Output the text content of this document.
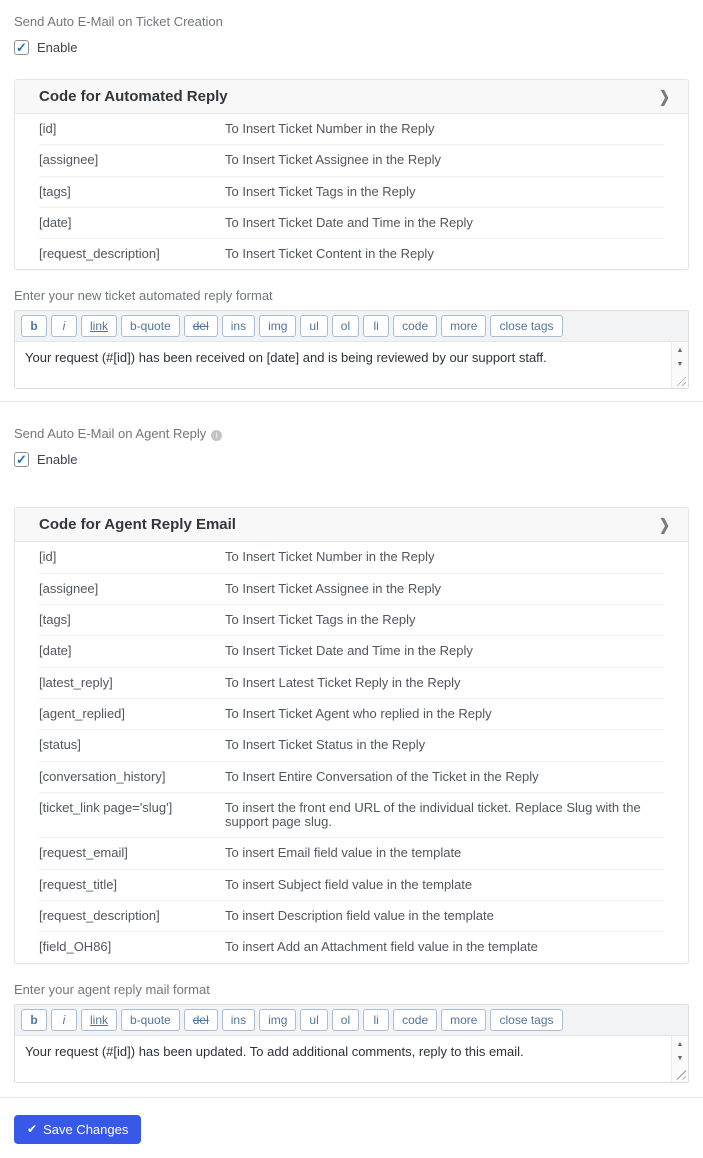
Send Auto E-Mail on Ticket Creation
✓ Enable
Code for Automated Reply	❯
[id]	To Insert Ticket Number in the Reply
[assignee]	To Insert Ticket Assignee in the Reply
[tags]	To Insert Ticket Tags in the Reply
[date]	To Insert Ticket Date and Time in the Reply
[request_description]	To Insert Ticket Content in the Reply
Enter your new ticket automated reply format
b	i	link	b-quote	del	ins	img	ul	ol	li	code	more	close tags
Your request (#[id]) has been received on [date] and is being reviewed by our support staff.
▲
▼
Send Auto E-Mail on Agent Reply i
✓ Enable
Code for Agent Reply Email	❯
[id]	To Insert Ticket Number in the Reply
[assignee]	To Insert Ticket Assignee in the Reply
[tags]	To Insert Ticket Tags in the Reply
[date]	To Insert Ticket Date and Time in the Reply
[latest_reply]	To Insert Latest Ticket Reply in the Reply
[agent_replied]	To Insert Ticket Agent who replied in the Reply
[status]	To Insert Ticket Status in the Reply
[conversation_history]	To Insert Entire Conversation of the Ticket in the Reply
[ticket_link page='slug']	To insert the front end URL of the individual ticket. Replace Slug with the support page slug.
[request_email]	To insert Email field value in the template
[request_title]	To insert Subject field value in the template
[request_description]	To insert Description field value in the template
[field_OH86]	To insert Add an Attachment field value in the template
Enter your agent reply mail format
b	i	link	b-quote	del	ins	img	ul	ol	li	code	more	close tags
Your request (#[id]) has been updated. To add additional comments, reply to this email.
▲
▼
✔ Save Changes
